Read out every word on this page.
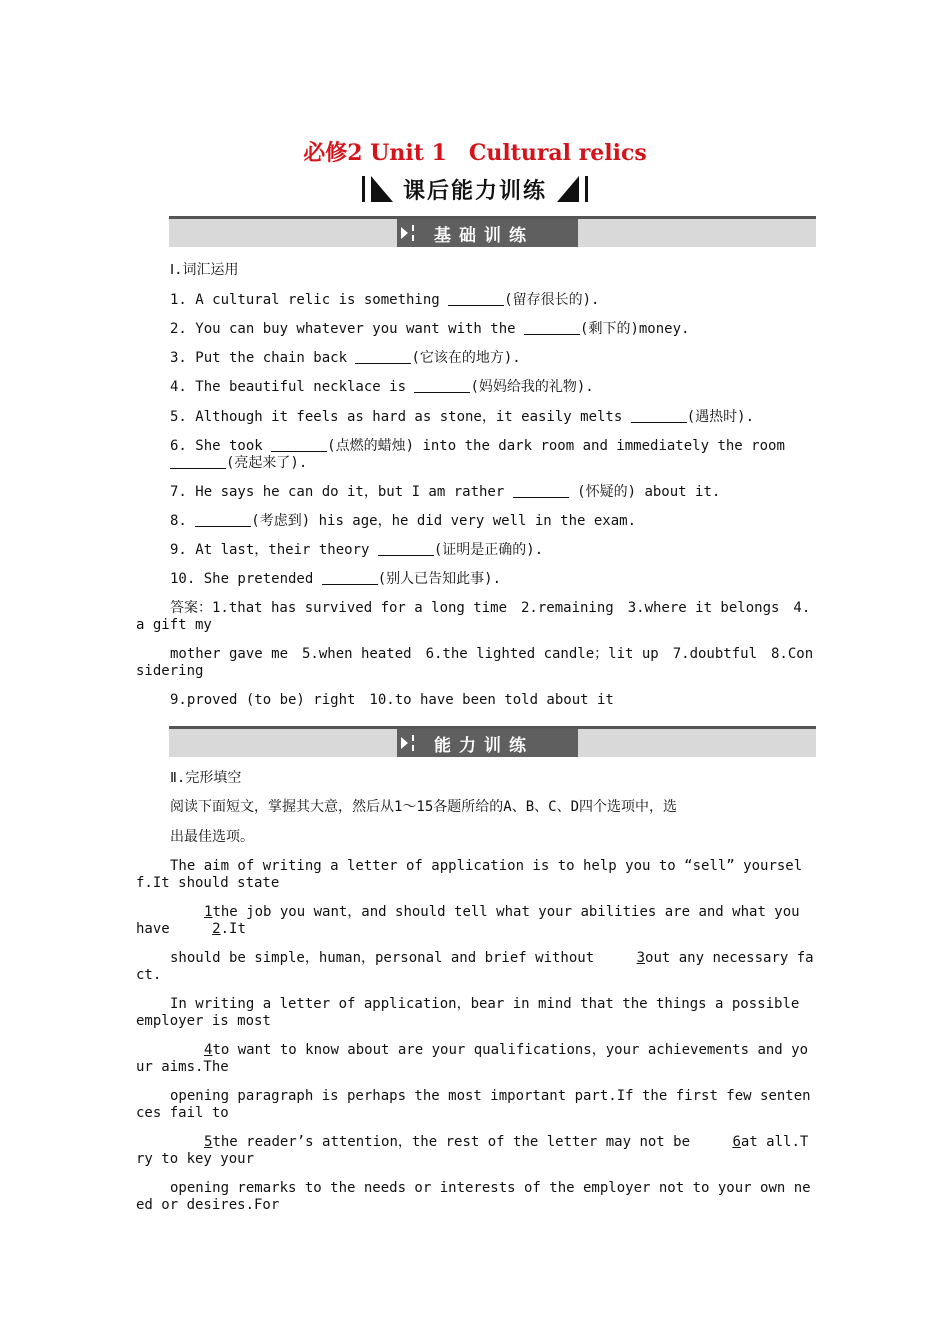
必修2 Unit 1　Cultural relics
课后能力训练
基础训练
Ⅰ.词汇运用
1. A cultural relic is something	(留存很长的).
2. You can buy whatever you want with the	(剩下的)money.
3. Put the chain back	(它该在的地方).
4. The beautiful necklace is	(妈妈给我的礼物).
5. Although it feels as hard as stone，it easily melts	(遇热时).
6. She took	(点燃的蜡烛) into the dark room and immediately the room
(亮起来了).
7. He says he can do it，but I am rather	(怀疑的) about it.
8.	(考虑到) his age，he did very well in the exam.
9. At last，their theory	(证明是正确的).
10. She pretended	(别人已告知此事).
答案：1.that has survived for a long time　2.remaining　3.where it belongs　4.a gift my
mother gave me　5.when heated　6.the lighted candle；lit up　7.doubtful　8.Considering
9.proved (to be) right　10.to have been told about it
能力训练
Ⅱ.完形填空
阅读下面短文，掌握其大意，然后从1～15各题所给的A、B、C、D四个选项中，选
出最佳选项。
The aim of writing a letter of application is to help you to “sell” yourself.It should state
1the job you want，and should tell what your abilities are and what you have 2.It
should be simple，human，personal and brief without 3out any necessary fact.
In writing a letter of application，bear in mind that the things a possible employer is most
4to want to know about are your qualifications，your achievements and your aims.The
opening paragraph is perhaps the most important part.If the first few sentences fail to
5the reader’s attention，the rest of the letter may not be 6at all.Try to key your
opening remarks to the needs or interests of the employer not to your own need or desires.For
